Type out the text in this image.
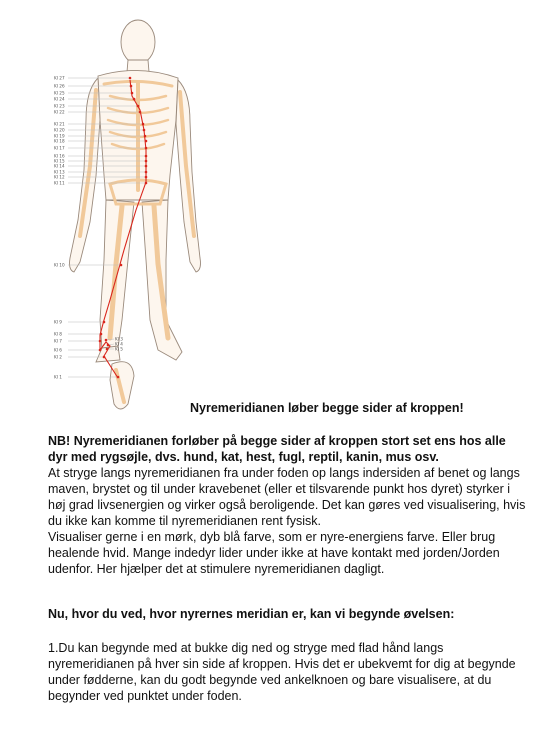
KI 27
KI 26
KI 25
KI 24
KI 23
KI 22
KI 21
KI 20
KI 19
KI 18
KI 17
KI 16
KI 15
KI 14
KI 13
KI 12
KI 11
KI 10
KI 9
KI 8
KI 7
KI 6
KI 2
KI 1
KI 3
KI 4
KI 5
Nyremeridianen løber begge sider af kroppen!

NB! Nyremeridianen forløber på begge sider af kroppen stort set ens hos alle dyr med rygsøjle, dvs. hund, kat, hest, fugl, reptil, kanin, mus osv.

At stryge langs nyremeridianen fra under foden op langs indersiden af benet og langs maven, brystet og til under kravebenet (eller et tilsvarende punkt hos dyret) styrker i høj grad livsenergien og virker også beroligende. Det kan gøres ved visualisering, hvis du ikke kan komme til nyremeridianen rent fysisk.

Visualiser gerne i en mørk, dyb blå farve, som er nyre-energiens farve. Eller brug healende hvid. Mange indedyr lider under ikke at have kontakt med jorden/Jorden udenfor. Her hjælper det at stimulere nyremeridianen dagligt.

Nu, hvor du ved, hvor nyrernes meridian er, kan vi begynde øvelsen:
1.Du kan begynde med at bukke dig ned og stryge med flad hånd langs nyremeridianen på hver sin side af kroppen. Hvis det er ubekvemt for dig at begynde under fødderne, kan du godt begynde ved ankelknoen og bare visualisere, at du begynder ved punktet under foden.
